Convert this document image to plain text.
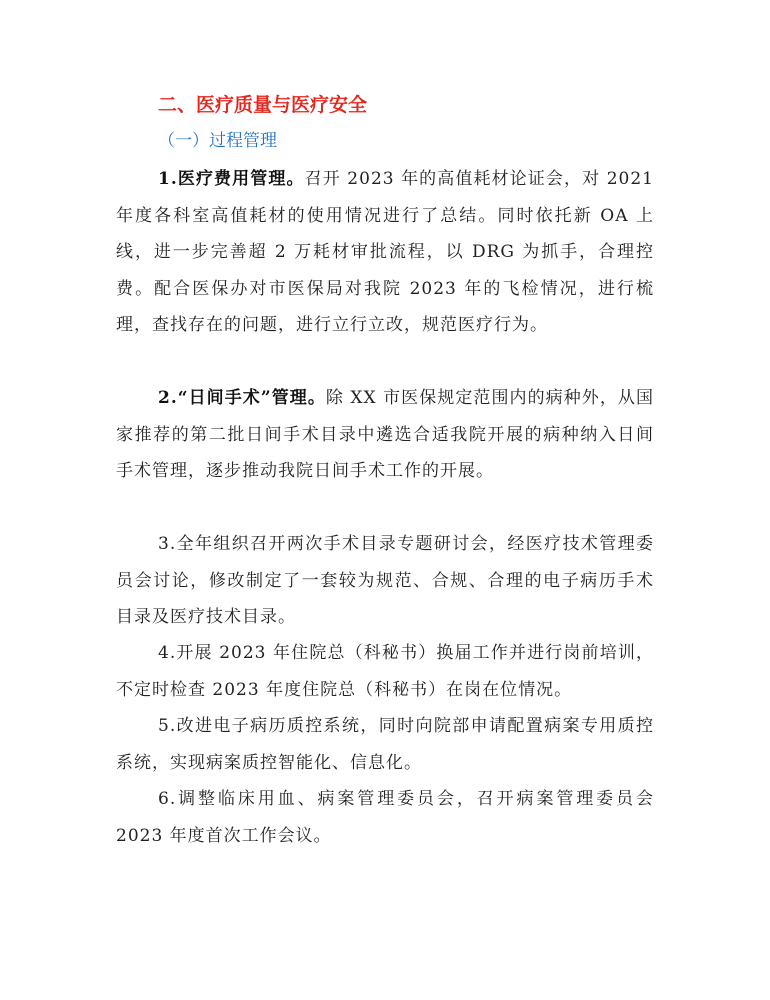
二、医疗质量与医疗安全
（一）过程管理

1.医疗费用管理。召开 2023 年的高值耗材论证会，对 2021 年度各科室高值耗材的使用情况进行了总结。同时依托新 OA 上线，进一步完善超 2 万耗材审批流程，以 DRG 为抓手，合理控费。配合医保办对市医保局对我院 2023 年的飞检情况，进行梳理，查找存在的问题，进行立行立改，规范医疗行为。

2.“日间手术”管理。除 XX 市医保规定范围内的病种外，从国家推荐的第二批日间手术目录中遴选合适我院开展的病种纳入日间手术管理，逐步推动我院日间手术工作的开展。

3.全年组织召开两次手术目录专题研讨会，经医疗技术管理委员会讨论，修改制定了一套较为规范、合规、合理的电子病历手术目录及医疗技术目录。

4.开展 2023 年住院总（科秘书）换届工作并进行岗前培训，不定时检查 2023 年度住院总（科秘书）在岗在位情况。

5.改进电子病历质控系统，同时向院部申请配置病案专用质控系统，实现病案质控智能化、信息化。

6.调整临床用血、病案管理委员会，召开病案管理委员会 2023 年度首次工作会议。
